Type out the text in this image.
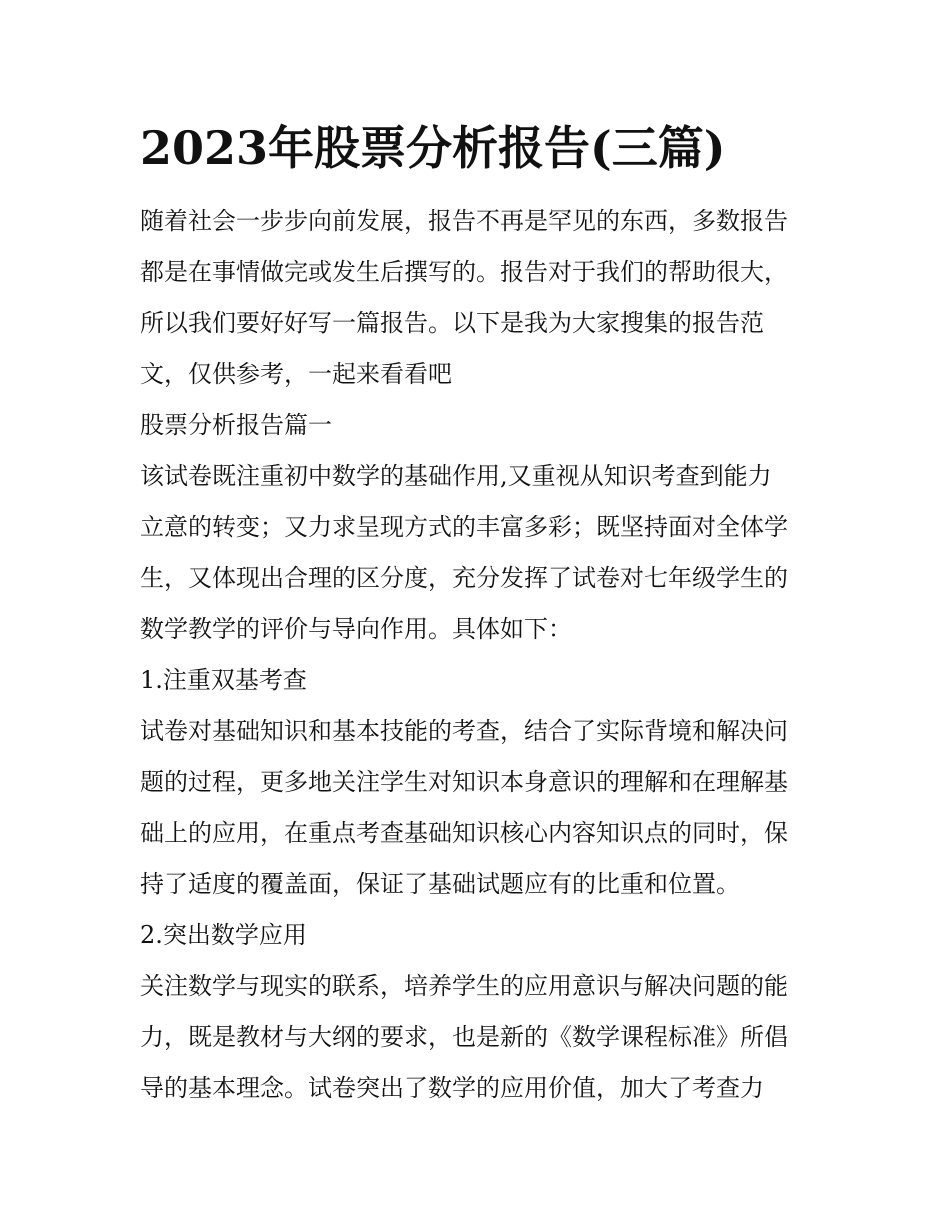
2023年股票分析报告(三篇)
随着社会一步步向前发展，报告不再是罕见的东西，多数报告
都是在事情做完或发生后撰写的。报告对于我们的帮助很大，
所以我们要好好写一篇报告。以下是我为大家搜集的报告范
文，仅供参考，一起来看看吧
股票分析报告篇一
该试卷既注重初中数学的基础作用,又重视从知识考查到能力
立意的转变；又力求呈现方式的丰富多彩；既坚持面对全体学
生，又体现出合理的区分度，充分发挥了试卷对七年级学生的
数学教学的评价与导向作用。具体如下：
1.注重双基考查
试卷对基础知识和基本技能的考查，结合了实际背境和解决问
题的过程，更多地关注学生对知识本身意识的理解和在理解基
础上的应用，在重点考查基础知识核心内容知识点的同时，保
持了适度的覆盖面，保证了基础试题应有的比重和位置。
2.突出数学应用
关注数学与现实的联系，培养学生的应用意识与解决问题的能
力，既是教材与大纲的要求，也是新的《数学课程标准》所倡
导的基本理念。试卷突出了数学的应用价值，加大了考查力
